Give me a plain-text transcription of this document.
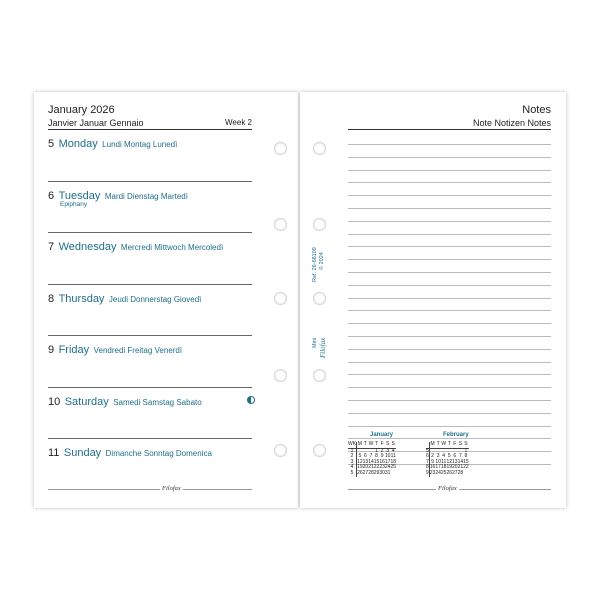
January 2026
Janvier Januar Gennaio	Week 2
5 Monday Lundi Montag Lunedì
6 Tuesday Mardi Dienstag Martedì
Epiphany
7 Wednesday Mercredi Mittwoch Mercoledì
8 Thursday Jeudi Donnerstag Giovedì
9 Friday Vendredi Freitag Venerdì
10 Saturday Samedi Samstag Sabato
11 Sunday Dimanche Sonntag Domenica
Filofax
Notes
Note Notizen Notes
Ref. 26-68109 © 2024
Mini Filofax
January
WK	M	T	W	T	F	S	S
1				1	2	3	4
2	5	6	7	8	9	10	11
3	12	13	14	15	16	17	18
4	19	20	21	22	23	24	25
5	26	27	28	29	30	31	
February
	M	T	W	T	F	S	S
5							1
6	2	3	4	5	6	7	8
7	9	10	11	12	13	14	15
8	16	17	18	19	20	21	22
9	23	24	25	26	27	28	
Filofax
